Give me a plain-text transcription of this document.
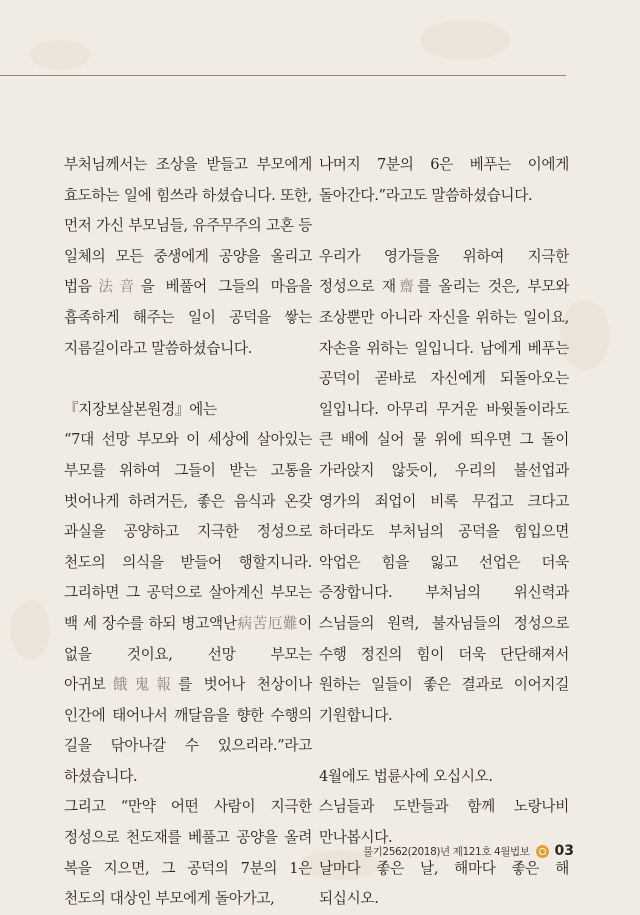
부처님께서는 조상을 받들고 부모에게 효도하는 일에 힘쓰라 하셨습니다. 또한, 먼저 가신 부모님들, 유주무주의 고혼 등 일체의 모든 중생에게 공양을 올리고 법음法音을 베풀어 그들의 마음을 흡족하게 해주는 일이 공덕을 쌓는 지름길이라고 말씀하셨습니다.

『지장보살본원경』에는

“7대 선망 부모와 이 세상에 살아있는 부모를 위하여 그들이 받는 고통을 벗어나게 하려거든, 좋은 음식과 온갖 과실을 공양하고 지극한 정성으로 천도의 의식을 받들어 행할지니라. 그리하면 그 공덕으로 살아계신 부모는 백 세 장수를 하되 병고액난病苦厄難이 없을 것이요, 선망 부모는 아귀보餓鬼報를 벗어나 천상이나 인간에 태어나서 깨달음을 향한 수행의 길을 닦아나갈 수 있으리라.”라고 하셨습니다.

그리고 “만약 어떤 사람이 지극한 정성으로 천도재를 베풀고 공양을 올려 복을 지으면, 그 공덕의 7분의 1은 천도의 대상인 부모에게 돌아가고,

나머지 7분의 6은 베푸는 이에게 돌아간다.”라고도 말씀하셨습니다.

우리가 영가들을 위하여 지극한 정성으로 재齋를 올리는 것은, 부모와 조상뿐만 아니라 자신을 위하는 일이요, 자손을 위하는 일입니다. 남에게 베푸는 공덕이 곧바로 자신에게 되돌아오는 일입니다. 아무리 무거운 바윗돌이라도 큰 배에 실어 물 위에 띄우면 그 돌이 가라앉지 않듯이, 우리의 불선업과 영가의 죄업이 비록 무겁고 크다고 하더라도 부처님의 공덕을 힘입으면 악업은 힘을 잃고 선업은 더욱 증장합니다. 부처님의 위신력과 스님들의 원력, 불자님들의 정성으로 수행 정진의 힘이 더욱 단단해져서 원하는 일들이 좋은 결과로 이어지길 기원합니다.

4월에도 법륜사에 오십시오.

스님들과 도반들과 함께 노랑나비 만나봅시다.

날마다 좋은 날, 해마다 좋은 해 되십시오.

불기2562(2018)년 제121호 4월법보 03
